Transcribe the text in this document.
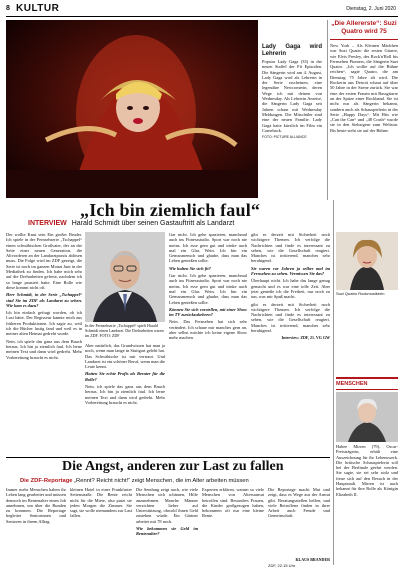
8 KULTUR	Dienstag, 2. Juni 2020
Lady Gaga wird Lehrerin
Popstar Lady Gaga (33) in der neuen Staffel der Fit Episoden. Die Sängerin wird am 4. August, Lady Gaga wird als Lehrerin in der Serie erscheinen, eine legendäre Newcomerin, deren Wege ich mit deinen von Wednesday. Als Lehrerin Anreise, die Sängerin Lady Gaga seit Jahren schaut mit Wednesday Meldungen. Die Mitschüler sind eine der neuen Familie. Lady Gaga hatte kürzlich im Film ein Comeback.
FOTO: PICTURE ALLIANCE
„Die Allererste“: Suzi Quatro wird 75
New York – Als Kleinen Mädchen war Suzi Quatro die ersten Gitarre, wie Elvis Presley, des Rock'n'Roll bis Fernsehen Pioniers, die Sängerin Suzi Quatro. „Ich wollte auf die Bühne reichen“, sagte Quatro, die am Dienstag 75 Jahre alt wird. Die Rockerin aus Detroit schaut auf über 50 Jahre in der Szene zurück. Sie war eine der ersten Frauen mit Bassgitarre an der Spitze einer Rockband. Sie ist nicht nur als Sängerin bekannt, sondern auch als Schauspielerin in der Serie „Happy Days“. Mit Hits wie „Can the Can“ und „48 Crash“ wurde sie in den Siebzigern zum Weltstar. Bis heute steht sie auf der Bühne.
„Ich bin ziemlich faul“
INTERVIEW Harald Schmidt über seinen Gastauftritt als Landarzt

Der wollte Knut sein Ein großer Bruder. Ich spiele in der Fernsehserie „Tschappel“ einen schwäbischen Großvater, der an der Seite einer neuen Generation, die Altvorderen an der Landarztpraxis ablösen muss. Die Folge wird im ZDF gezeigt, die Serie ist noch im ganzen Monat Juni in der Mediathek zu finden. Ich habe mich sehr auf die Dreharbeiten gefreut, nachdem ich so lange pausiert hatte. Eine Rolle wie diese kommt nicht oft.

Herr Schmidt, in der Serie „Tschappel“ sind Sie im ZDF als Landarzt zu sehen. Wie kam es dazu?

Ich bin einfach gefragt worden, ob ich Lust hätte. Der Regisseur kannte mich aus früheren Produktionen. Ich sagte zu, weil ich die Bücher lustig fand und weil es in meiner alten Heimat gedreht wurde.

Nein, ich spiele das ganz aus dem Bauch heraus. Ich bin ja ziemlich faul. Ich lerne meinen Text und dann wird gedreht. Mehr Vorbereitung braucht es nicht.

In der Fernsehserie „Tschappel“ spielt Harald Schmidt einen Landarzt. Die Dreharbeiten waren im ZDF. FOTO: ZDF

Aber natürlich, das Grundwissen hat man ja noch, wenn man lange in Stuttgart gelebt hat. Das Schwäbische ist mir vertraut. Und Landarzt ist ein schöner Beruf, wenn man die Leute kennt.

Hatten Sie echte Profis als Berater für die Rolle?

Nein, ich spiele das ganz aus dem Bauch heraus. Ich bin ja ziemlich faul. Ich lerne meinen Text und dann wird gedreht. Mehr Vorbereitung braucht es nicht.

Gar nicht. Ich gehe spazieren, manchmal auch ins Fitnessstudio. Sport war noch nie meins. Ich esse gern gut und trinke auch mal ein Glas Wein. Ich bin ein Genussmensch und glaube, dass man das Leben genießen sollte.

Wie halten Sie sich fit?

Gar nicht. Ich gehe spazieren, manchmal auch ins Fitnessstudio. Sport war noch nie meins. Ich esse gern gut und trinke auch mal ein Glas Wein. Ich bin ein Genussmensch und glaube, dass man das Leben genießen sollte.

Können Sie sich vorstellen, mit einer Show im TV zurückzukehren?

Nein. Das Fernsehen hat sich sehr verändert. Ich schaue mir manches gern an, aber selbst möchte ich keine eigene Show mehr machen.

gibt es derzeit mit Sicherheit noch wichtigere Themen. Ich verfolge die Nachrichten und finde es interessant zu sehen, wie die Gesellschaft reagiert. Manches ist irritierend, manches sehr beruhigend.

Sie waren vor Jahren ja selber mal im Fernsehen zu sehen. Vermissen Sie das?

Überhaupt nicht. Ich habe das lange genug gemacht und es war eine tolle Zeit. Aber jetzt genieße ich die Freiheit, nur noch zu tun, was mir Spaß macht.

gibt es derzeit mit Sicherheit noch wichtigere Themen. Ich verfolge die Nachrichten und finde es interessant zu sehen, wie die Gesellschaft reagiert. Manches ist irritierend, manches sehr beruhigend.

Interview: ZDF, 21. VG GW

Suzi Quatro Rockmusikerin
MENSCHEN
Habee Mirren (79), Oscar-Preisträgerin, erhält eine Auszeichnung für ihr Lebenswerk. Die britische Schauspielerin soll bei der Berlinale geehrt werden. Sie sagte, sie sei sehr stolz und freue sich auf den Besuch in der Hauptstadt. Mirren ist auch bekannt für ihre Rolle als Königin Elizabeth II.
Die Angst, anderen zur Last zu fallen
Die ZDF-Reportage „Rennt? Reicht nicht!“ zeigt Menschen, die im Alter arbeiten müssen
Immer mehr Menschen haben ihr Leben lang gearbeitet und müssen dennoch im Rentenalter einen Job annehmen, um über die Runden zu kommen. Die Reportage begleitet Seniorinnen und Senioren in ihrem Alltag.
kleinen Hotel in einer Frankfurter Seitenstraße. Die Rente reicht nicht für die Miete, also putzt sie jeden Morgen die Zimmer. Sie sagt, sie wolle niemandem zur Last fallen.
Die Sendung zeigt auch, wie viele Menschen sich schämen, Hilfe anzunehmen. Manche Männer verzichten lieber auf Unterstützung, obwohl ihnen Geld zustehen würde. Ein Gärtner arbeitet mit 78 noch.
Wie bekommen sie Geld im Rentenalter?
Experten erklären, warum so viele Menschen von Altersarmut betroffen sind. Besonders Frauen, die Kinder großgezogen haben, bekommen oft nur eine kleine Rente.
Die Reportage macht Mut und zeigt, dass es Wege aus der Armut gibt. Beratungsstellen helfen, und viele Betroffene finden in ihrer Arbeit auch Freude und Gemeinschaft.
KLAUS BRANDER
ZDF, 22.15 Uhr
